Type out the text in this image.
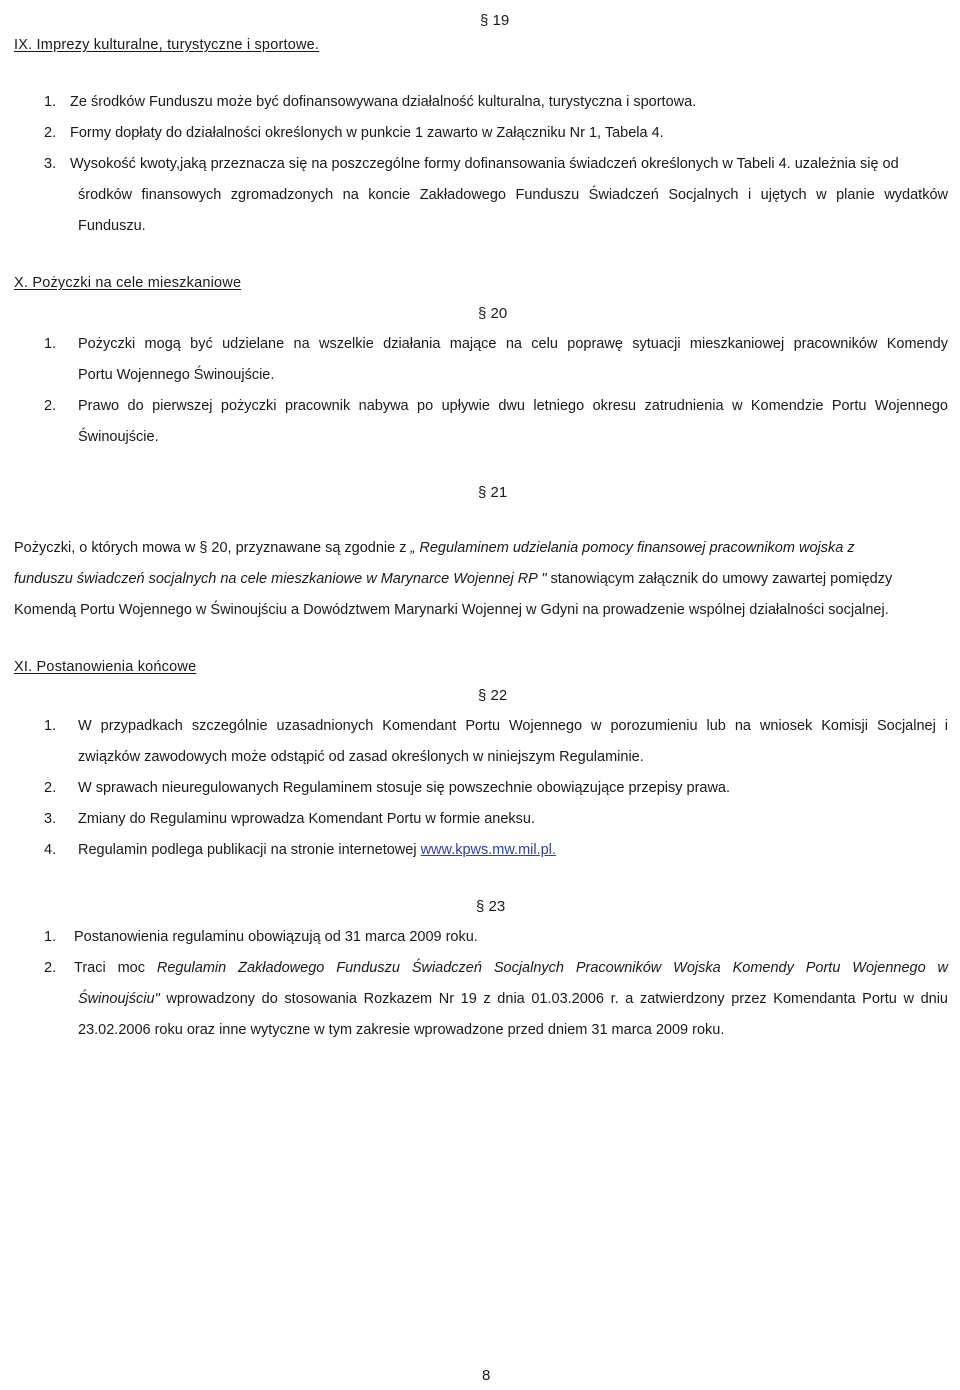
§ 19
IX. Imprezy kulturalne, turystyczne i sportowe.
1. Ze środków Funduszu może być dofinansowywana działalność kulturalna, turystyczna i sportowa.
2. Formy dopłaty do działalności określonych w punkcie 1 zawarto w Załączniku Nr 1, Tabela 4.
3. Wysokość kwoty,jaką przeznacza się na poszczególne formy dofinansowania świadczeń określonych w Tabeli 4. uzależnia się od
środków finansowych zgromadzonych na koncie Zakładowego Funduszu Świadczeń Socjalnych i ujętych w planie wydatków
Funduszu.
X. Pożyczki na cele mieszkaniowe
§ 20
1. Pożyczki mogą być udzielane na wszelkie działania mające na celu poprawę sytuacji mieszkaniowej pracowników Komendy
Portu Wojennego Świnoujście.
2. Prawo do pierwszej pożyczki pracownik nabywa po upływie dwu letniego okresu zatrudnienia w Komendzie Portu Wojennego
Świnoujście.
§ 21
Pożyczki, o których mowa w § 20, przyznawane są zgodnie z „ Regulaminem udzielania pomocy finansowej pracownikom wojska z
funduszu świadczeń socjalnych na cele mieszkaniowe w Marynarce Wojennej RP " stanowiącym załącznik do umowy zawartej pomiędzy
Komendą Portu Wojennego w Świnoujściu a Dowództwem Marynarki Wojennej w Gdyni na prowadzenie wspólnej działalności socjalnej.
XI. Postanowienia końcowe
§ 22
1. W przypadkach szczególnie uzasadnionych Komendant Portu Wojennego w porozumieniu lub na wniosek Komisji Socjalnej i
związków zawodowych może odstąpić od zasad określonych w niniejszym Regulaminie.
2. W sprawach nieuregulowanych Regulaminem stosuje się powszechnie obowiązujące przepisy prawa.
3. Zmiany do Regulaminu wprowadza Komendant Portu w formie aneksu.
4. Regulamin podlega publikacji na stronie internetowej www.kpws.mw.mil.pl.
§ 23
1. Postanowienia regulaminu obowiązują od 31 marca 2009 roku.
2. Traci moc Regulamin Zakładowego Funduszu Świadczeń Socjalnych Pracowników Wojska Komendy Portu Wojennego w
Świnoujściu" wprowadzony do stosowania Rozkazem Nr 19 z dnia 01.03.2006 r. a zatwierdzony przez Komendanta Portu w dniu
23.02.2006 roku oraz inne wytyczne w tym zakresie wprowadzone przed dniem 31 marca 2009 roku.
8
